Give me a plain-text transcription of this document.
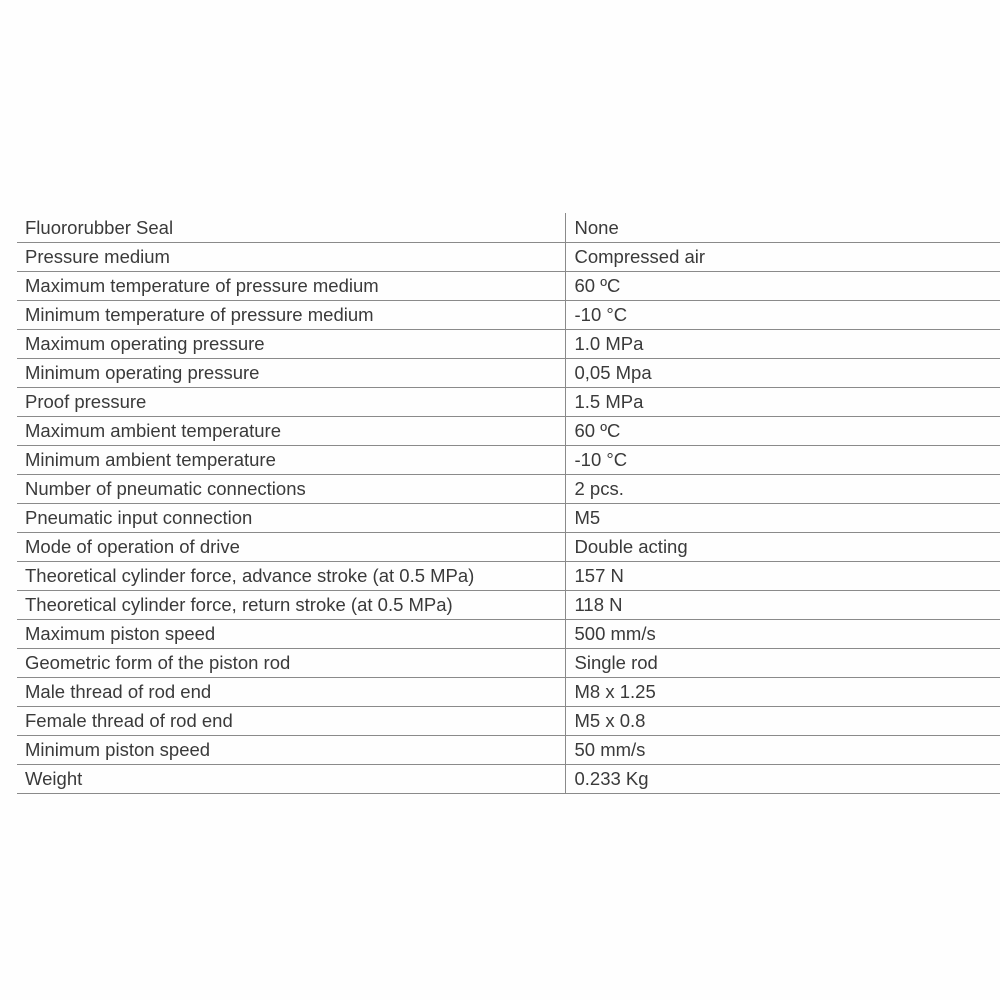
Fluororubber Seal	None
Pressure medium	Compressed air
Maximum temperature of pressure medium	60 ºC
Minimum temperature of pressure medium	-10 °C
Maximum operating pressure	1.0 MPa
Minimum operating pressure	0,05 Mpa
Proof pressure	1.5 MPa
Maximum ambient temperature	60 ºC
Minimum ambient temperature	-10 °C
Number of pneumatic connections	2 pcs.
Pneumatic input connection	M5
Mode of operation of drive	Double acting
Theoretical cylinder force, advance stroke (at 0.5 MPa)	157 N
Theoretical cylinder force, return stroke (at 0.5 MPa)	118 N
Maximum piston speed	500 mm/s
Geometric form of the piston rod	Single rod
Male thread of rod end	M8 x 1.25
Female thread of rod end	M5 x 0.8
Minimum piston speed	50 mm/s
Weight	0.233 Kg
